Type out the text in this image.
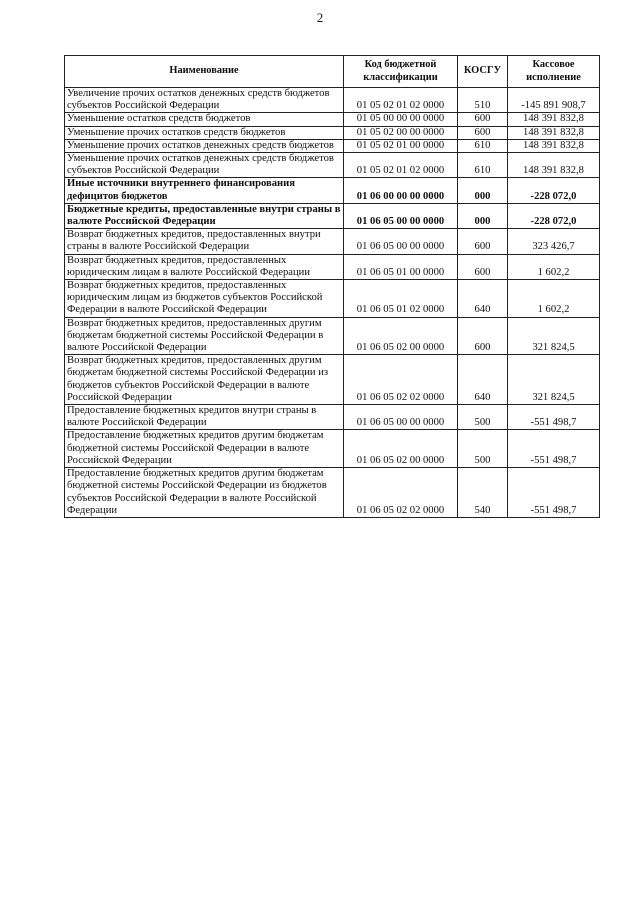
2
Наименование	Код бюджетной классификации	КОСГУ	Кассовое исполнение
Увеличение прочих остатков денежных средств бюджетов субъектов Российской Федерации	01 05 02 01 02 0000	510	-145 891 908,7
Уменьшение остатков средств бюджетов	01 05 00 00 00 0000	600	148 391 832,8
Уменьшение прочих остатков средств бюджетов	01 05 02 00 00 0000	600	148 391 832,8
Уменьшение прочих остатков денежных средств бюджетов	01 05 02 01 00 0000	610	148 391 832,8
Уменьшение прочих остатков денежных средств бюджетов субъектов Российской Федерации	01 05 02 01 02 0000	610	148 391 832,8
Иные источники внутреннего финансирования дефицитов бюджетов	01 06 00 00 00 0000	000	-228 072,0
Бюджетные кредиты, предоставленные внутри страны в валюте Российской Федерации	01 06 05 00 00 0000	000	-228 072,0
Возврат бюджетных кредитов, предоставленных внутри страны в валюте Российской Федерации	01 06 05 00 00 0000	600	323 426,7
Возврат бюджетных кредитов, предоставленных юридическим лицам в валюте Российской Федерации	01 06 05 01 00 0000	600	1 602,2
Возврат бюджетных кредитов, предоставленных юридическим лицам из бюджетов субъектов Российской Федерации в валюте Российской Федерации	01 06 05 01 02 0000	640	1 602,2
Возврат бюджетных кредитов, предоставленных другим бюджетам бюджетной системы Российской Федерации в валюте Российской Федерации	01 06 05 02 00 0000	600	321 824,5
Возврат бюджетных кредитов, предоставленных другим бюджетам бюджетной системы Российской Федерации из бюджетов субъектов Российской Федерации в валюте Российской Федерации	01 06 05 02 02 0000	640	321 824,5
Предоставление бюджетных кредитов внутри страны в валюте Российской Федерации	01 06 05 00 00 0000	500	-551 498,7
Предоставление бюджетных кредитов другим бюджетам бюджетной системы Российской Федерации в валюте Российской Федерации	01 06 05 02 00 0000	500	-551 498,7
Предоставление бюджетных кредитов другим бюджетам бюджетной системы Российской Федерации из бюджетов субъектов Российской Федерации в валюте Российской Федерации	01 06 05 02 02 0000	540	-551 498,7
